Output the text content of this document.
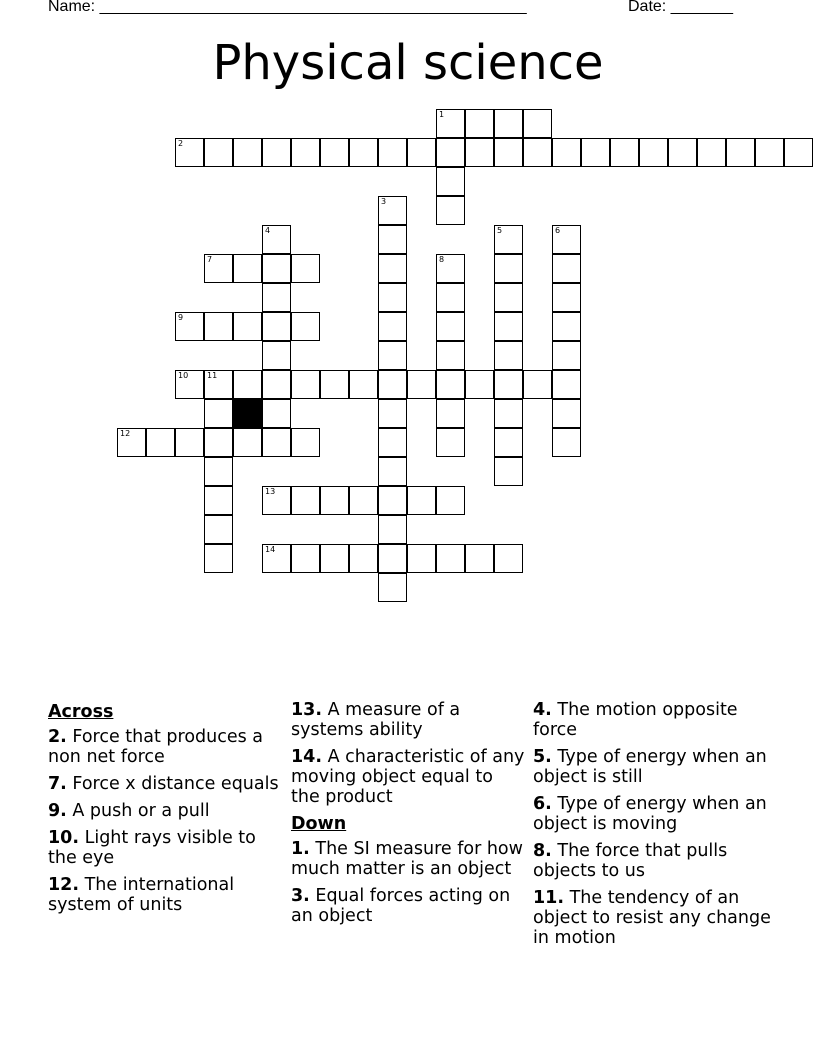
Name: ________________________________________________	Date: _______
Physical science
1
2
3
4	5	6
7	8
9
10 11
12
13
14
Across
2. Force that produces a non net force
7. Force x distance equals
9. A push or a pull
10. Light rays visible to the eye
12. The international system of units
13. A measure of a systems ability
14. A characteristic of any moving object equal to the product
Down
1. The SI measure for how much matter is an object
3. Equal forces acting on an object
4. The motion opposite force
5. Type of energy when an object is still
6. Type of energy when an object is moving
8. The force that pulls objects to us
11. The tendency of an object to resist any change in motion
